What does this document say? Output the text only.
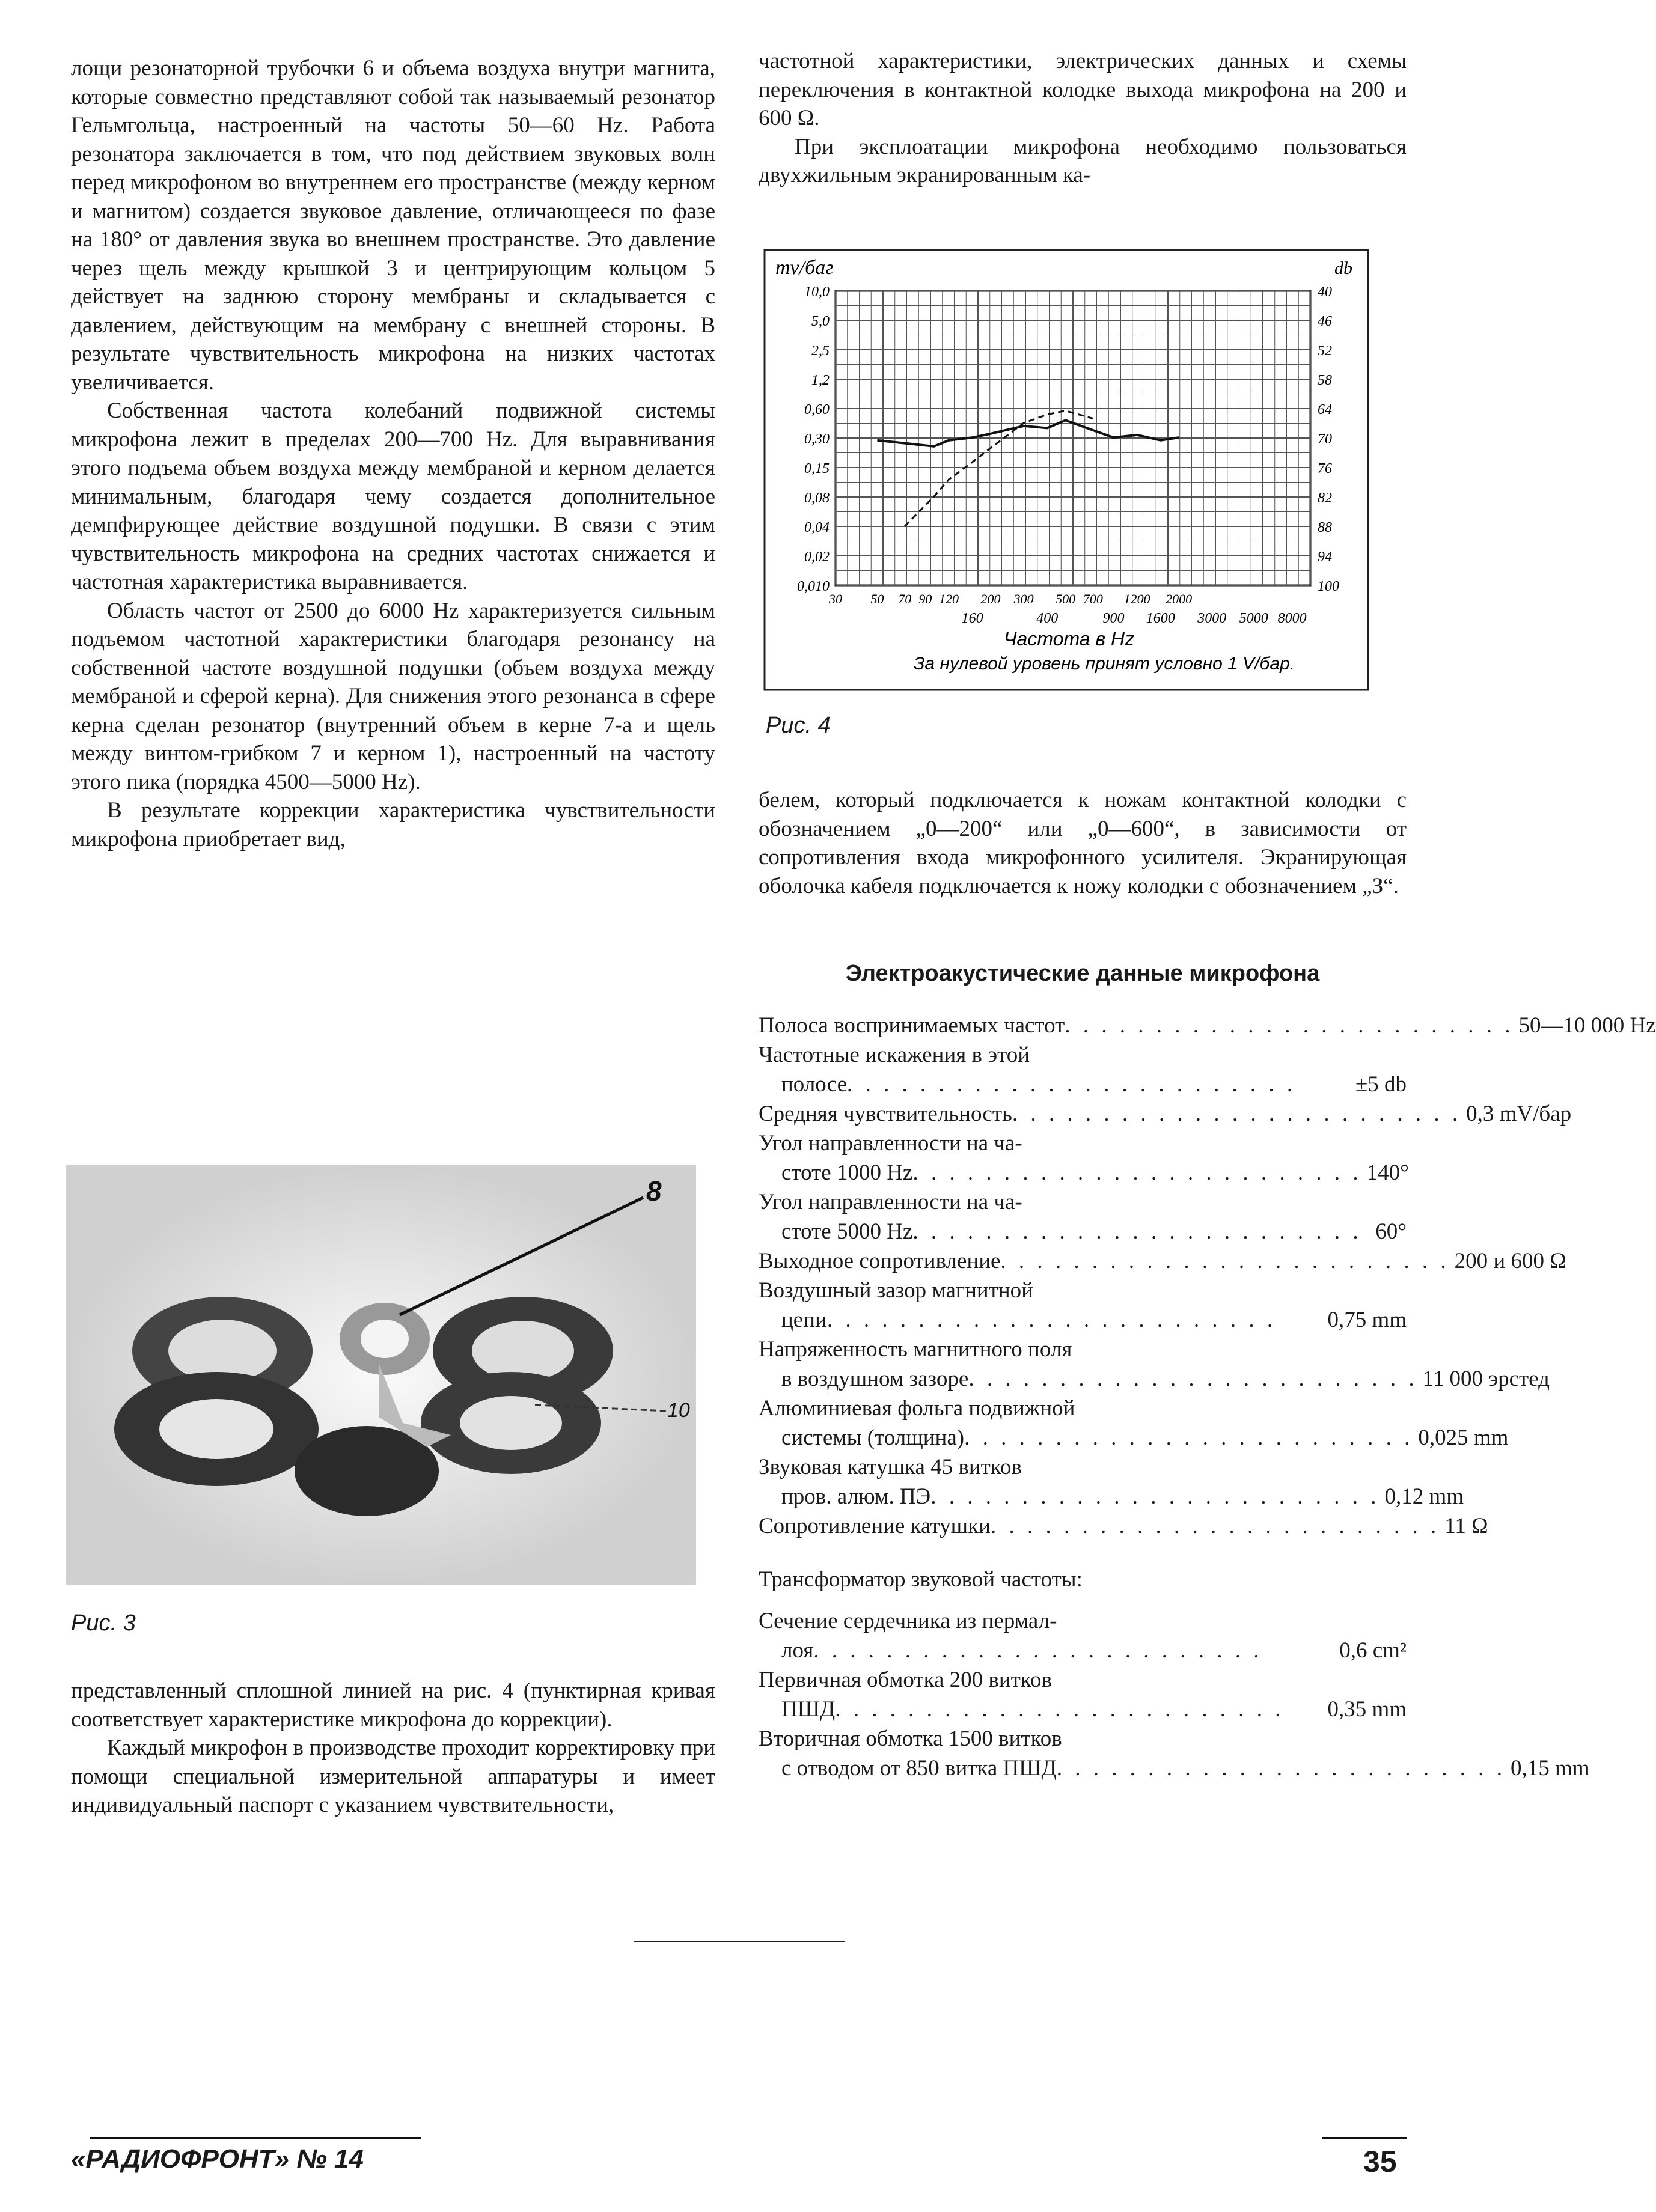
лощи резонаторной трубочки 6 и объема воздуха внутри магнита, которые совместно представляют собой так называемый резонатор Гельмгольца, настроенный на частоты 50—60 Hz. Работа резонатора заключается в том, что под действием звуковых волн перед микрофоном во внутреннем его пространстве (между керном и магнитом) создается звуковое давление, отличающееся по фазе на 180° от давления звука во внешнем пространстве. Это давление через щель между крышкой 3 и центрирующим кольцом 5 действует на заднюю сторону мембраны и складывается с давлением, действующим на мембрану с внешней стороны. В результате чувствительность микрофона на низких частотах увеличивается.

Собственная частота колебаний подвижной системы микрофона лежит в пределах 200—700 Hz. Для выравнивания этого подъема объем воздуха между мембраной и керном делается минимальным, благодаря чему создается дополнительное демпфирующее действие воздушной подушки. В связи с этим чувствительность микрофона на средних частотах снижается и частотная характеристика выравнивается.

Область частот от 2500 до 6000 Hz характеризуется сильным подъемом частотной характеристики благодаря резонансу на собственной частоте воздушной подушки (объем воздуха между мембраной и сферой керна). Для снижения этого резонанса в сфере керна сделан резонатор (внутренний объем в керне 7-а и щель между винтом-грибком 7 и керном 1), настроенный на частоту этого пика (порядка 4500—5000 Hz).

В результате коррекции характеристика чувствительности микрофона приобретает вид,

8
10
Рис. 3

представленный сплошной линией на рис. 4 (пунктирная кривая соответствует характеристике микрофона до коррекции).

Каждый микрофон в производстве проходит корректировку при помощи специальной измерительной аппаратуры и имеет индивидуальный паспорт с указанием чувствительности,

частотной характеристики, электрических данных и схемы переключения в контактной колодке выхода микрофона на 200 и 600 Ω.

При эксплоатации микрофона необходимо пользоваться двухжильным экранированным ка-

10,0
5,0
2,5
1,2
0,60
0,30
0,15
0,08
0,04
0,02
0,010
40
46
52
58
64
70
76
82
88
94
100
30 50 70 90 120 200 300 500 700 1200 2000
160	400	900 1600 3000 5000 8000
mv/бaг	db
Частота в Hz
За нулевой уровень принят условно 1 V/бар.
Рис. 4

белем, который подключается к ножам контактной колодки с обозначением „0—200“ или „0—600“, в зависимости от сопротивления входа микрофонного усилителя. Экранирующая оболочка кабеля подключается к ножу колодки с обозначением „З“.

Электроакустические данные микрофона
Полоса воспринимаемых частот . . . . . . . . . . . . . . . . . . . . . . . . . 50—10 000 Hz
Частотные искажения в этой
полосе . . . . . . . . . . . . . . . . . . . . . . . . .	±5 db
Средняя чувствительность . . . . . . . . . . . . . . . . . . . . . . . . . 0,3 mV/бар
Угол направленности на ча-
стоте 1000 Hz . . . . . . . . . . . . . . . . . . . . . . . . . 140°
Угол направленности на ча-
стоте 5000 Hz . . . . . . . . . . . . . . . . . . . . . . . . . 60°
Выходное сопротивление . . . . . . . . . . . . . . . . . . . . . . . . . 200 и 600 Ω
Воздушный зазор магнитной
цепи . . . . . . . . . . . . . . . . . . . . . . . . .	0,75 mm
Напряженность магнитного поля
в воздушном зазоре . . . . . . . . . . . . . . . . . . . . . . . . . 11 000 эрстед
Алюминиевая фольга подвижной
системы (толщина) . . . . . . . . . . . . . . . . . . . . . . . . . 0,025 mm
Звуковая катушка 45 витков
пров. алюм. ПЭ . . . . . . . . . . . . . . . . . . . . . . . . . 0,12 mm
Сопротивление катушки . . . . . . . . . . . . . . . . . . . . . . . . . 11 Ω
Трансформатор звуковой частоты:
Сечение сердечника из пермал-
лоя . . . . . . . . . . . . . . . . . . . . . . . . .	0,6 cm²
Первичная обмотка 200 витков
ПШД . . . . . . . . . . . . . . . . . . . . . . . . .	0,35 mm
Вторичная обмотка 1500 витков
с отводом от 850 витка ПШД . . . . . . . . . . . . . . . . . . . . . . . . . 0,15 mm
«РАДИОФРОНТ» № 14	35
